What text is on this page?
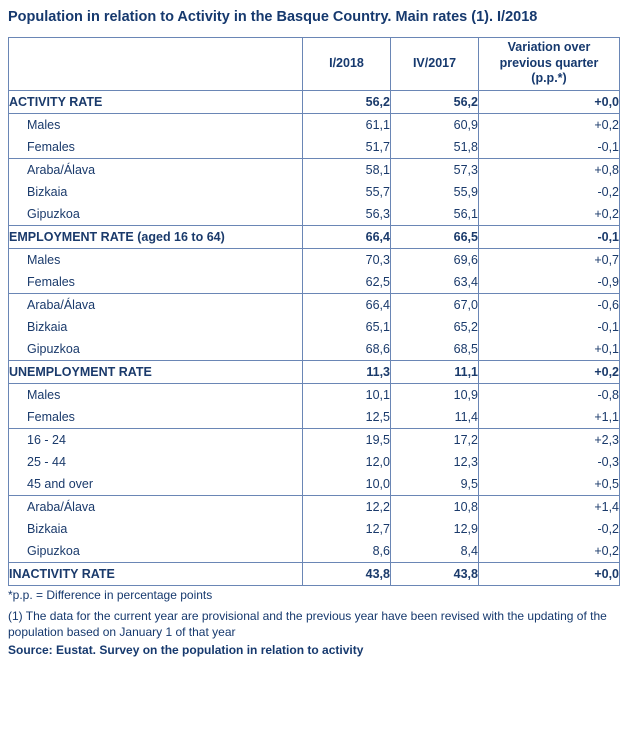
Population in relation to Activity in the Basque Country. Main rates (1). I/2018
	I/2018	IV/2017	Variation over
previous quarter
(p.p.*)
ACTIVITY RATE	56,2	56,2	+0,0
Males	61,1	60,9	+0,2
Females	51,7	51,8	-0,1
Araba/Álava	58,1	57,3	+0,8
Bizkaia	55,7	55,9	-0,2
Gipuzkoa	56,3	56,1	+0,2
EMPLOYMENT RATE (aged 16 to 64)	66,4	66,5	-0,1
Males	70,3	69,6	+0,7
Females	62,5	63,4	-0,9
Araba/Álava	66,4	67,0	-0,6
Bizkaia	65,1	65,2	-0,1
Gipuzkoa	68,6	68,5	+0,1
UNEMPLOYMENT RATE	11,3	11,1	+0,2
Males	10,1	10,9	-0,8
Females	12,5	11,4	+1,1
16 - 24	19,5	17,2	+2,3
25 - 44	12,0	12,3	-0,3
45 and over	10,0	9,5	+0,5
Araba/Álava	12,2	10,8	+1,4
Bizkaia	12,7	12,9	-0,2
Gipuzkoa	8,6	8,4	+0,2
INACTIVITY RATE	43,8	43,8	+0,0
*p.p. = Difference in percentage points
(1) The data for the current year are provisional and the previous year have been revised with the updating of the population based on January 1 of that year
Source: Eustat. Survey on the population in relation to activity
